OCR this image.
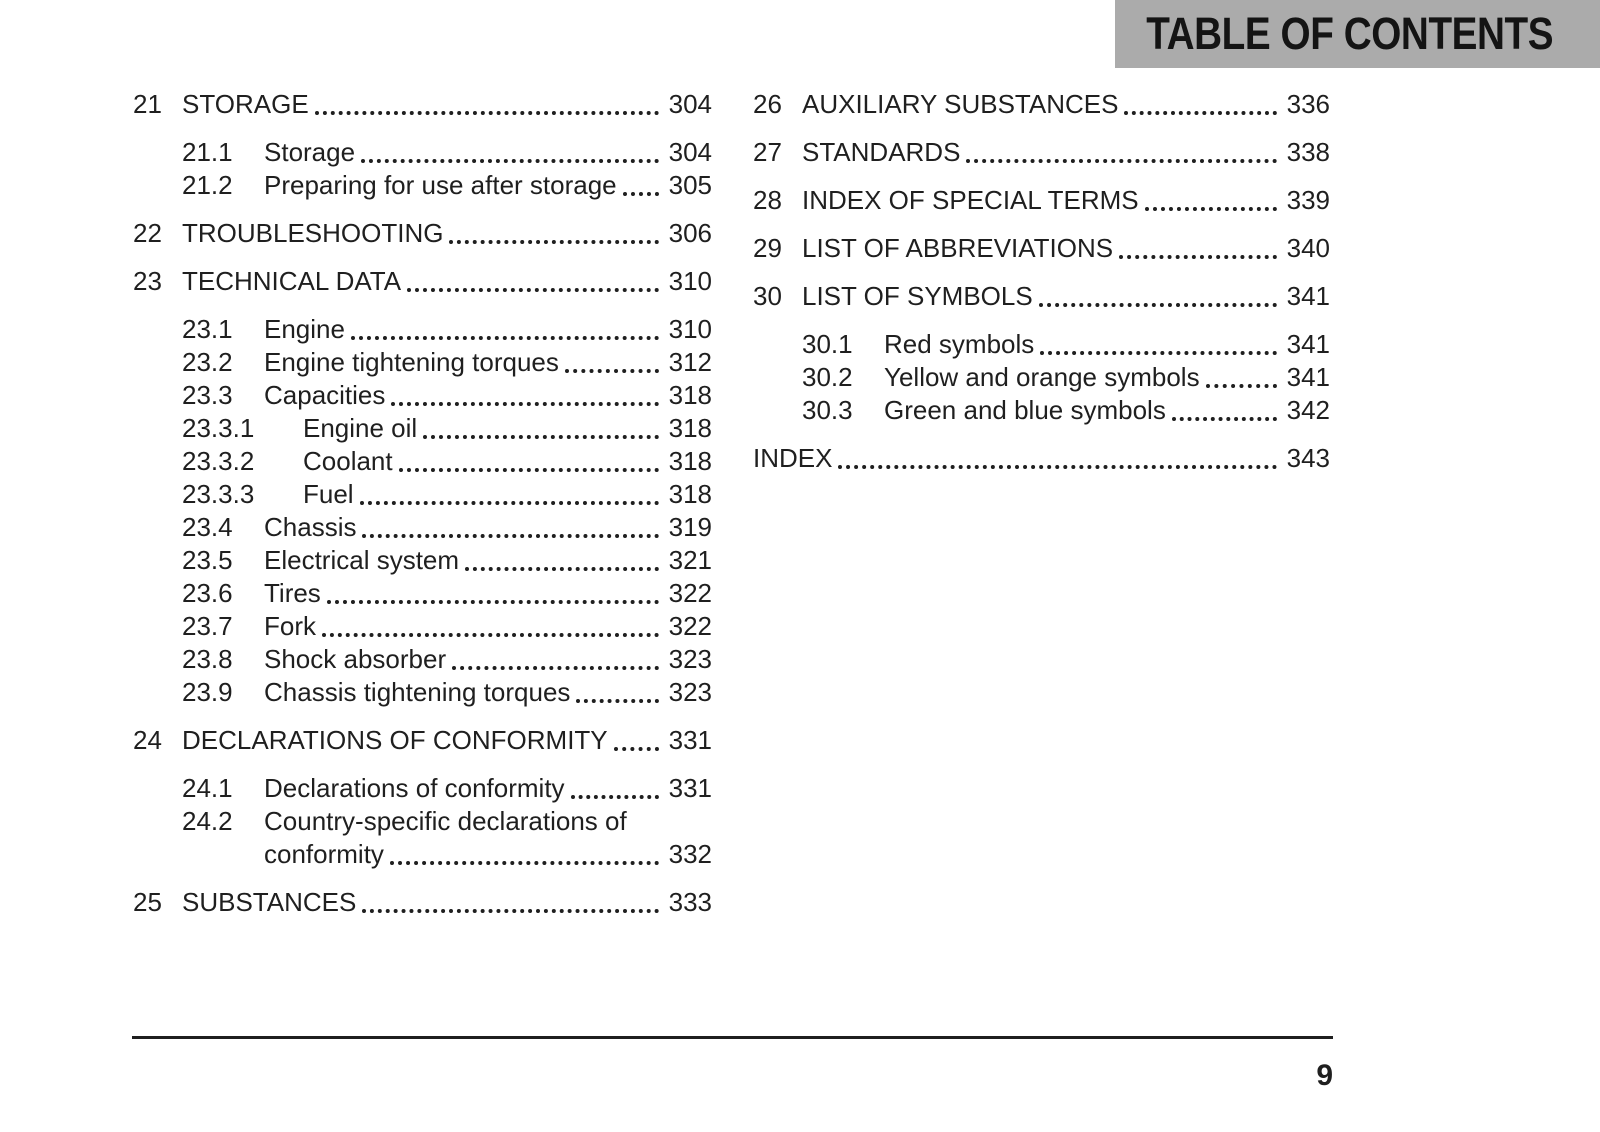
TABLE OF CONTENTS
21 STORAGE	304
21.1	Storage	304
21.2	Preparing for use after storage 305
22 TROUBLESHOOTING	306
23 TECHNICAL DATA	310
23.1	Engine	310
23.2	Engine tightening torques	312
23.3	Capacities	318
23.3.1	Engine oil	318
23.3.2	Coolant	318
23.3.3	Fuel	318
23.4	Chassis	319
23.5	Electrical system	321
23.6	Tires	322
23.7	Fork	322
23.8	Shock absorber	323
23.9	Chassis tightening torques	323
24 DECLARATIONS OF CONFORMITY 331
24.1	Declarations of conformity	331
24.2	Country-specific declarations of
conformity	332
25 SUBSTANCES	333
26 AUXILIARY SUBSTANCES	336
27 STANDARDS	338
28 INDEX OF SPECIAL TERMS	339
29 LIST OF ABBREVIATIONS	340
30 LIST OF SYMBOLS	341
30.1	Red symbols	341
30.2	Yellow and orange symbols	341
30.3	Green and blue symbols	342
INDEX	343
9
